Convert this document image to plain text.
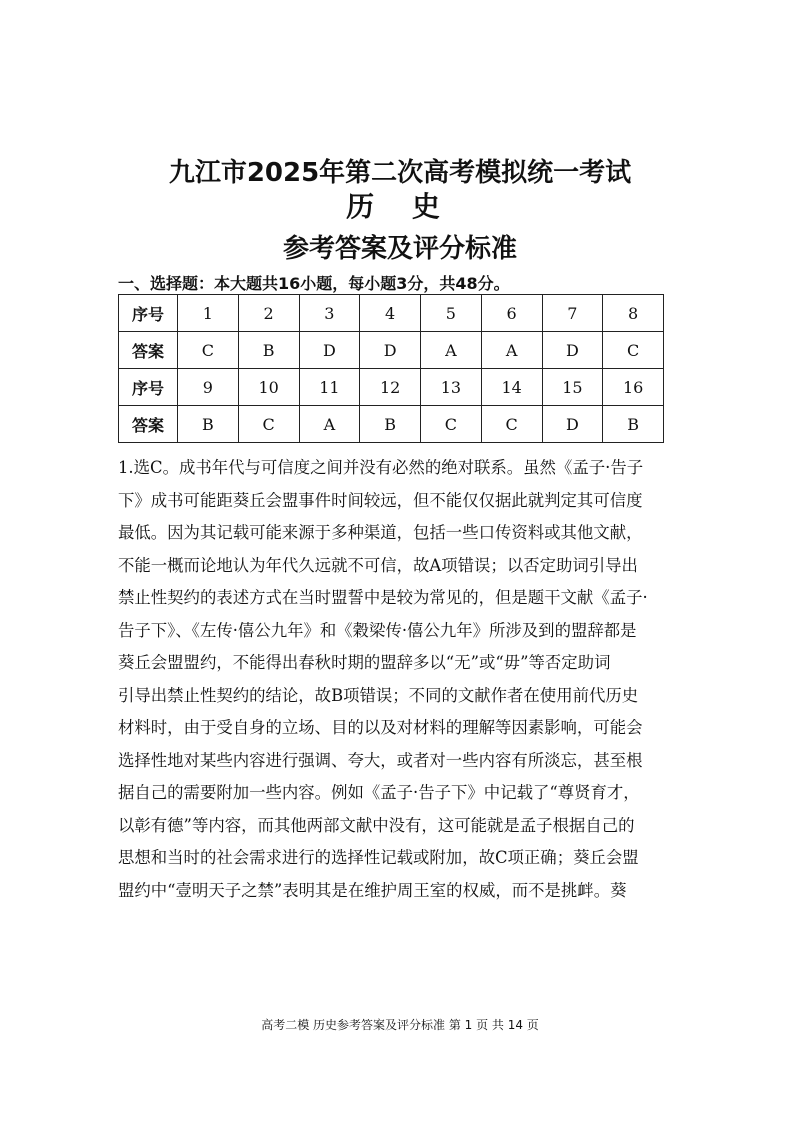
九江市2025年第二次高考模拟统一考试
历 史
参考答案及评分标准
一、选择题：本大题共16小题，每小题3分，共48分。
序号	1	2	3	4	5	6	7	8
答案	C	B	D	D	A	A	D	C
序号	9	10	11	12	13	14	15	16
答案	B	C	A	B	C	C	D	B
1.选C。成书年代与可信度之间并没有必然的绝对联系。虽然《孟子·告子
下》成书可能距葵丘会盟事件时间较远，但不能仅仅据此就判定其可信度
最低。因为其记载可能来源于多种渠道，包括一些口传资料或其他文献，
不能一概而论地认为年代久远就不可信，故A项错误；以否定助词引导出
禁止性契约的表述方式在当时盟誓中是较为常见的，但是题干文献《孟子·
告子下》、《左传·僖公九年》和《穀梁传·僖公九年》所涉及到的盟辞都是
葵丘会盟盟约，不能得出春秋时期的盟辞多以“无”或“毋”等否定助词
引导出禁止性契约的结论，故B项错误；不同的文献作者在使用前代历史
材料时，由于受自身的立场、目的以及对材料的理解等因素影响，可能会
选择性地对某些内容进行强调、夸大，或者对一些内容有所淡忘，甚至根
据自己的需要附加一些内容。例如《孟子·告子下》中记载了“尊贤育才，
以彰有德”等内容，而其他两部文献中没有，这可能就是孟子根据自己的
思想和当时的社会需求进行的选择性记载或附加，故C项正确；葵丘会盟
盟约中“壹明天子之禁”表明其是在维护周王室的权威，而不是挑衅。葵
高考二模 历史参考答案及评分标准 第 1 页 共 14 页
